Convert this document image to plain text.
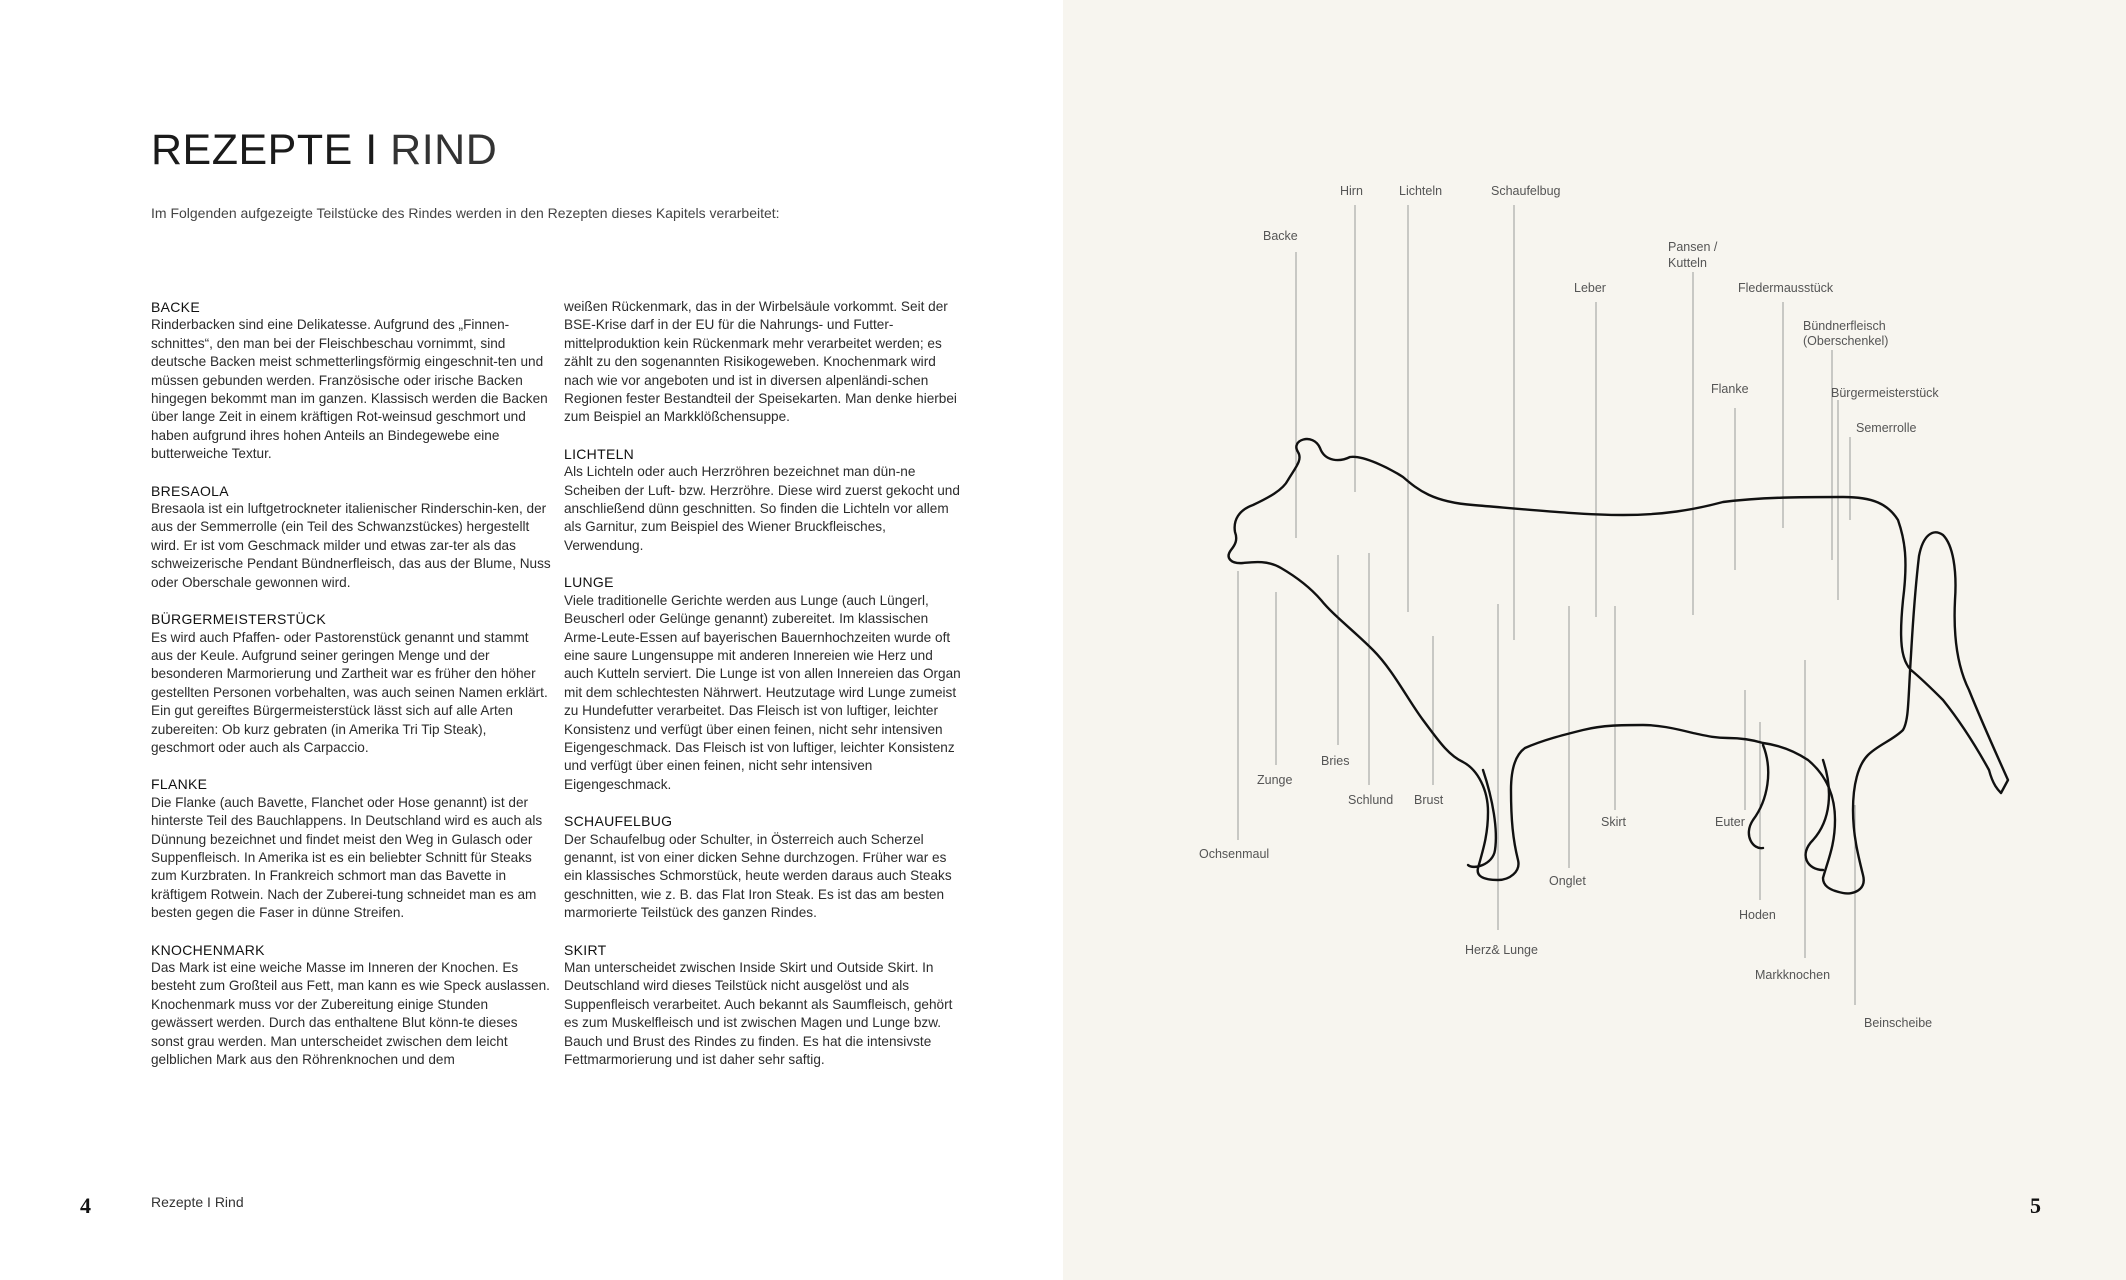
REZEPTE I RIND

Im Folgenden aufgezeigte Teilstücke des Rindes werden in den Rezepten dieses Kapitels verarbeitet:

BACKE

Rinderbacken sind eine Delikatesse. Aufgrund des „Finnen-schnittes“, den man bei der Fleischbeschau vornimmt, sind deutsche Backen meist schmetterlingsförmig eingeschnit-ten und müssen gebunden werden. Französische oder irische Backen hingegen bekommt man im ganzen. Klassisch werden die Backen über lange Zeit in einem kräftigen Rot-weinsud geschmort und haben aufgrund ihres hohen Anteils an Bindegewebe eine butterweiche Textur.

BRESAOLA

Bresaola ist ein luftgetrockneter italienischer Rinderschin-ken, der aus der Semmerrolle (ein Teil des Schwanzstückes) hergestellt wird. Er ist vom Geschmack milder und etwas zar-ter als das schweizerische Pendant Bündnerfleisch, das aus der Blume, Nuss oder Oberschale gewonnen wird.

BÜRGERMEISTERSTÜCK

Es wird auch Pfaffen- oder Pastorenstück genannt und stammt aus der Keule. Aufgrund seiner geringen Menge und der besonderen Marmorierung und Zartheit war es früher den höher gestellten Personen vorbehalten, was auch seinen Namen erklärt. Ein gut gereiftes Bürgermeisterstück lässt sich auf alle Arten zubereiten: Ob kurz gebraten (in Amerika Tri Tip Steak), geschmort oder auch als Carpaccio.

FLANKE

Die Flanke (auch Bavette, Flanchet oder Hose genannt) ist der hinterste Teil des Bauchlappens. In Deutschland wird es auch als Dünnung bezeichnet und findet meist den Weg in Gulasch oder Suppenfleisch. In Amerika ist es ein beliebter Schnitt für Steaks zum Kurzbraten. In Frankreich schmort man das Bavette in kräftigem Rotwein. Nach der Zuberei-tung schneidet man es am besten gegen die Faser in dünne Streifen.

KNOCHENMARK

Das Mark ist eine weiche Masse im Inneren der Knochen. Es besteht zum Großteil aus Fett, man kann es wie Speck auslassen. Knochenmark muss vor der Zubereitung einige Stunden gewässert werden. Durch das enthaltene Blut könn-te dieses sonst grau werden. Man unterscheidet zwischen dem leicht gelblichen Mark aus den Röhrenknochen und dem

weißen Rückenmark, das in der Wirbelsäule vorkommt. Seit der BSE-Krise darf in der EU für die Nahrungs- und Futter-mittelproduktion kein Rückenmark mehr verarbeitet werden; es zählt zu den sogenannten Risikogeweben. Knochenmark wird nach wie vor angeboten und ist in diversen alpenländi-schen Regionen fester Bestandteil der Speisekarten. Man denke hierbei zum Beispiel an Markklößchensuppe.

LICHTELN

Als Lichteln oder auch Herzröhren bezeichnet man dün-ne Scheiben der Luft- bzw. Herzröhre. Diese wird zuerst gekocht und anschließend dünn geschnitten. So finden die Lichteln vor allem als Garnitur, zum Beispiel des Wiener Bruckfleisches, Verwendung.

LUNGE

Viele traditionelle Gerichte werden aus Lunge (auch Lüngerl, Beuscherl oder Gelünge genannt) zubereitet. Im klassischen Arme-Leute-Essen auf bayerischen Bauernhochzeiten wurde oft eine saure Lungensuppe mit anderen Innereien wie Herz und auch Kutteln serviert. Die Lunge ist von allen Innereien das Organ mit dem schlechtesten Nährwert. Heutzutage wird Lunge zumeist zu Hundefutter verarbeitet. Das Fleisch ist von luftiger, leichter Konsistenz und verfügt über einen feinen, nicht sehr intensiven Eigengeschmack. Das Fleisch ist von luftiger, leichter Konsistenz und verfügt über einen feinen, nicht sehr intensiven Eigengeschmack.

SCHAUFELBUG

Der Schaufelbug oder Schulter, in Österreich auch Scherzel genannt, ist von einer dicken Sehne durchzogen. Früher war es ein klassisches Schmorstück, heute werden daraus auch Steaks geschnitten, wie z. B. das Flat Iron Steak. Es ist das am besten marmorierte Teilstück des ganzen Rindes.

SKIRT

Man unterscheidet zwischen Inside Skirt und Outside Skirt. In Deutschland wird dieses Teilstück nicht ausgelöst und als Suppenfleisch verarbeitet. Auch bekannt als Saumfleisch, gehört es zum Muskelfleisch und ist zwischen Magen und Lunge bzw. Bauch und Brust des Rindes zu finden. Es hat die intensivste Fettmarmorierung und ist daher sehr saftig.

4	Rezepte I Rind
Hirn	Lichteln	Schaufelbug
Backe
Pansen /
Kutteln
Leber	Fledermausstück
Bündnerfleisch
(Oberschenkel)
Flanke	Bürgermeisterstück
Semerrolle
Bries
Zunge
Schlund Brust
Skirt	Euter
Ochsenmaul
Onglet
Hoden
Herz& Lunge
Markknochen
Beinscheibe
5
